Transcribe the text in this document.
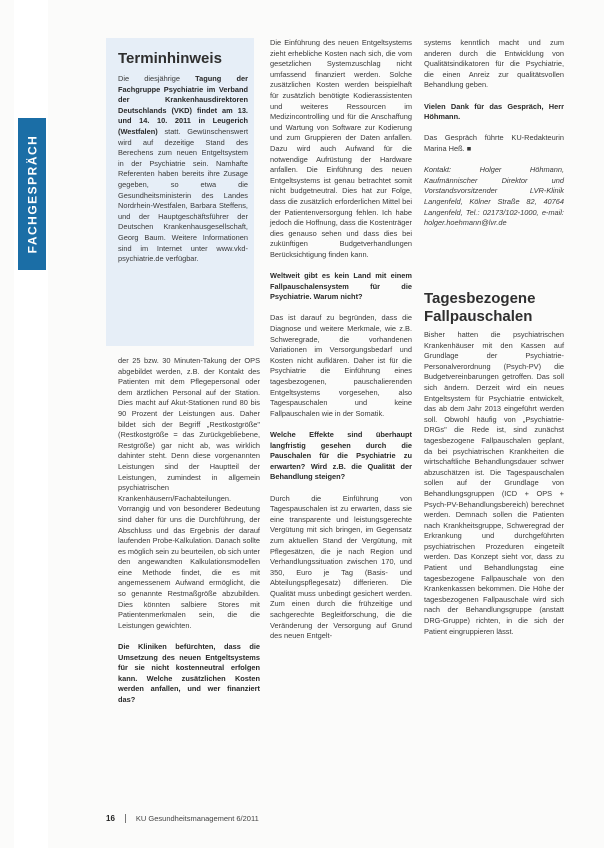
FACHGESPRÄCH
Terminhinweis
Die diesjährige Tagung der Fachgruppe Psychiatrie im Verband der Krankenhausdirektoren Deutschlands (VKD) findet am 13. und 14. 10. 2011 in Leugerich (Westfalen) statt. Gewünschenswert wird auf dezeitige Stand des Berechens zum neuen Entgeltsystem in der Psychiatrie sein. Namhafte Referenten haben bereits ihre Zusage gegeben, so etwa die Gesundheitsministerin des Landes Nordrhein-Westfalen, Barbara Steffens, und der Hauptgeschäftsführer der Deutschen Krankenhausgesellschaft, Georg Baum. Weitere Informationen sind im Internet unter www.vkd-psychiatrie.de verfügbar.

der 25 bzw. 30 Minuten-Takung der OPS abgebildet werden, z.B. der Kontakt des Patienten mit dem Pflegepersonal oder dem ärztlichen Personal auf der Station. Dies macht auf Akut-Stationen rund 80 bis 90 Prozent der Leistungen aus. Daher bildet sich der Begriff „Restkostgröße" (Restkostgröße = das Zurückgebliebene, Restgröße) gar nicht ab, was wirklich dahinter steht. Denn diese vorgenannten Leistungen sind der Hauptteil der Leistungen, zumindest in allgemein psychiatrischen Krankenhäusern/Fachabteilungen. Vorrangig und von besonderer Bedeutung sind daher für uns die Durchführung, der Abschluss und das Ergebnis der darauf laufenden Probe-Kalkulation. Danach sollte es möglich sein zu beurteilen, ob sich unter den angewandten Kalkulationsmodellen eine Methode findet, die es mit angemessenem Aufwand ermöglicht, die so genannte Restmaßgröße abzubilden. Dies könnten salbiere Stores mit Patientenmerkmalen sein, die die Leistungen gewichten.

Die Kliniken befürchten, dass die Umsetzung des neuen Entgeltsystems für sie nicht kostenneutral erfolgen kann. Welche zusätzlichen Kosten werden anfallen, und wer finanziert das?

Die Einführung des neuen Entgeltsystems zieht erhebliche Kosten nach sich, die vom gesetzlichen Systemzuschlag nicht umfassend finanziert werden. Solche zusätzlichen Kosten werden beispielhaft für zusätzlich benötigte Kodierassistenten und weiteres Ressourcen im Medizincontrolling und für die Anschaffung und Wartung von Software zur Kodierung und zum Gruppieren der Daten anfallen. Dazu wird auch Aufwand für die notwendige Aufrüstung der Hardware anfallen. Die Einführung des neuen Entgeltsystems ist genau betrachtet somit nicht budgetneutral. Dies hat zur Folge, dass die zusätzlich erforderlichen Mittel bei der Patientenversorgung fehlen. Ich habe jedoch die Hoffnung, dass die Kostenträger dies genauso sehen und dass dies bei zukünftigen Budgetverhandlungen Berücksichtigung finden kann.

Weltweit gibt es kein Land mit einem Fallpauschalensystem für die Psychiatrie. Warum nicht?

Das ist darauf zu begründen, dass die Diagnose und weitere Merkmale, wie z.B. Schweregrade, die vorhandenen Variationen im Versorgungsbedarf und Kosten nicht aufklären. Daher ist für die Psychiatrie die Einführung eines tagesbezogenen, pauschalierenden Entgeltsystems vorgesehen, also Tagespauschalen und keine Fallpauschalen wie in der Somatik.

Welche Effekte sind überhaupt langfristig gesehen durch die Pauschalen für die Psychiatrie zu erwarten? Wird z.B. die Qualität der Behandlung steigen?

Durch die Einführung von Tagespauschalen ist zu erwarten, dass sie eine transparente und leistungsgerechte Vergütung mit sich bringen, im Gegensatz zum aktuellen Stand der Vergütung, mit Pflegesätzen, die je nach Region und Verhandlungssituation zwischen 170, und 350, Euro je Tag (Basis- und Abteilungspflegesatz) differieren. Die Qualität muss unbedingt gesichert werden. Zum einen durch die frühzeitige und sachgerechte Begleitforschung, die die Veränderung der Versorgung auf Grund des neuen Entgelt-

systems kenntlich macht und zum anderen durch die Entwicklung von Qualitätsindikatoren für die Psychiatrie, die einen Anreiz zur qualitätsvollen Behandlung geben.

Vielen Dank für das Gespräch, Herr Höhmann.

Das Gespräch führte KU-Redakteurin Marina Heß. ■

Kontakt: Holger Höhmann, Kaufmännischer Direktor und Vorstandsvorsitzender LVR-Klinik Langenfeld, Kölner Straße 82, 40764 Langenfeld, Tel.: 02173/102-1000, e-mail: holger.hoehmann@lvr.de

Tagesbezogene Fallpauschalen

Bisher hatten die psychiatrischen Krankenhäuser mit den Kassen auf Grundlage der Psychiatrie-Personalverordnung (Psych-PV) die Budgetvereinbarungen getroffen. Das soll sich ändern. Derzeit wird ein neues Entgeltsystem für Psychiatrie entwickelt, das ab dem Jahr 2013 eingeführt werden soll. Obwohl häufig von „Psychiatrie-DRGs" die Rede ist, sind zunächst tagesbezogene Fallpauschalen geplant, da bei psychiatrischen Krankheiten die wirtschaftliche Behandlungsdauer schwer abzuschätzen ist. Die Tagespauschalen sollen auf der Grundlage von Behandlungsgruppen (ICD + OPS + Psych-PV-Behandlungsbereich) berechnet werden. Demnach sollen die Patienten nach Krankheitsgruppe, Schweregrad der Erkrankung und durchgeführten psychiatrischen Prozeduren eingeteilt werden. Das Konzept sieht vor, dass zu Patient und Behandlungstag eine tagesbezogene Fallpauschale von den Krankenkassen bekommen. Die Höhe der tagesbezogenen Fallpauschale wird sich nach der Behandlungsgruppe (anstatt DRG-Gruppe) richten, in die sich der Patient eingruppieren lässt.

16	KU Gesundheitsmanagement 6/2011
